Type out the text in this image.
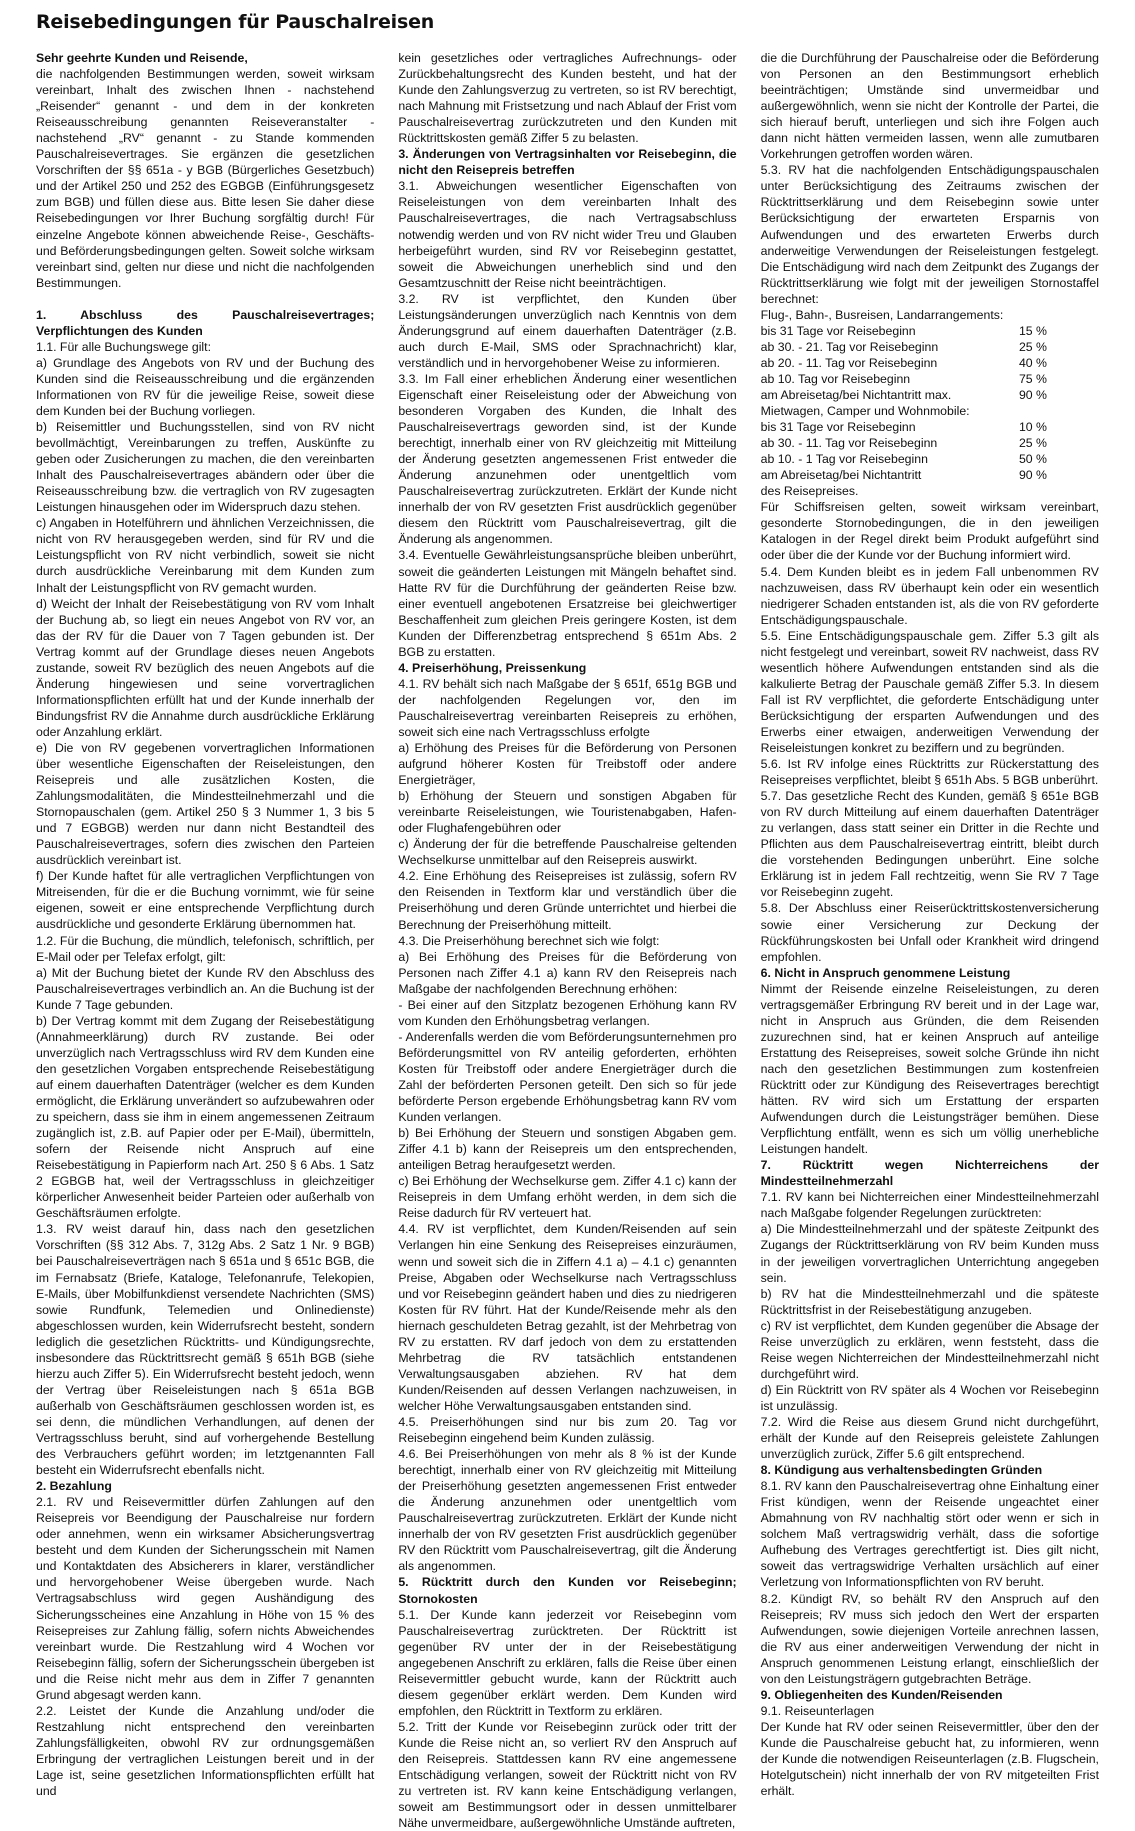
Reisebedingungen für Pauschalreisen

Sehr geehrte Kunden und Reisende,

die nachfolgenden Bestimmungen werden, soweit wirksam vereinbart, Inhalt des zwischen Ihnen - nachstehend „Reisender“ genannt - und dem in der konkreten Reiseausschreibung genannten Reiseveranstalter - nachstehend „RV“ genannt - zu Stande kommenden Pauschalreisevertrages. Sie ergänzen die gesetzlichen Vorschriften der §§ 651a - y BGB (Bürgerliches Gesetzbuch) und der Artikel 250 und 252 des EGBGB (Einführungsgesetz zum BGB) und füllen diese aus. Bitte lesen Sie daher diese Reisebedingungen vor Ihrer Buchung sorgfältig durch! Für einzelne Angebote können abweichende Reise-, Geschäfts- und Beförderungsbedingungen gelten. Soweit solche wirksam vereinbart sind, gelten nur diese und nicht die nachfolgenden Bestimmungen.

1. Abschluss des Pauschalreisevertrages; Verpflichtungen des Kunden

1.1. Für alle Buchungswege gilt:

a) Grundlage des Angebots von RV und der Buchung des Kunden sind die Reiseausschreibung und die ergänzenden Informationen von RV für die jeweilige Reise, soweit diese dem Kunden bei der Buchung vorliegen.

b) Reisemittler und Buchungsstellen, sind von RV nicht bevollmächtigt, Vereinbarungen zu treffen, Auskünfte zu geben oder Zusicherungen zu machen, die den vereinbarten Inhalt des Pauschalreisevertrages abändern oder über die Reiseausschreibung bzw. die vertraglich von RV zugesagten Leistungen hinausgehen oder im Widerspruch dazu stehen.

c) Angaben in Hotelführern und ähnlichen Verzeichnissen, die nicht von RV herausgegeben werden, sind für RV und die Leistungspflicht von RV nicht verbindlich, soweit sie nicht durch ausdrückliche Vereinbarung mit dem Kunden zum Inhalt der Leistungspflicht von RV gemacht wurden.

d) Weicht der Inhalt der Reisebestätigung von RV vom Inhalt der Buchung ab, so liegt ein neues Angebot von RV vor, an das der RV für die Dauer von 7 Tagen gebunden ist. Der Vertrag kommt auf der Grundlage dieses neuen Angebots zustande, soweit RV bezüglich des neuen Angebots auf die Änderung hingewiesen und seine vorvertraglichen Informationspflichten erfüllt hat und der Kunde innerhalb der Bindungsfrist RV die Annahme durch ausdrückliche Erklärung oder Anzahlung erklärt.

e) Die von RV gegebenen vorvertraglichen Informationen über wesentliche Eigenschaften der Reiseleistungen, den Reisepreis und alle zusätzlichen Kosten, die Zahlungsmodalitäten, die Mindestteilnehmerzahl und die Stornopauschalen (gem. Artikel 250 § 3 Nummer 1, 3 bis 5 und 7 EGBGB) werden nur dann nicht Bestandteil des Pauschalreisevertrages, sofern dies zwischen den Parteien ausdrücklich vereinbart ist.

f) Der Kunde haftet für alle vertraglichen Verpflichtungen von Mitreisenden, für die er die Buchung vornimmt, wie für seine eigenen, soweit er eine entsprechende Verpflichtung durch ausdrückliche und gesonderte Erklärung übernommen hat.

1.2. Für die Buchung, die mündlich, telefonisch, schriftlich, per E-Mail oder per Telefax erfolgt, gilt:

a) Mit der Buchung bietet der Kunde RV den Abschluss des Pauschalreisevertrages verbindlich an. An die Buchung ist der Kunde 7 Tage gebunden.

b) Der Vertrag kommt mit dem Zugang der Reisebestätigung (Annahmeerklärung) durch RV zustande. Bei oder unverzüglich nach Vertragsschluss wird RV dem Kunden eine den gesetzlichen Vorgaben entsprechende Reisebestätigung auf einem dauerhaften Datenträger (welcher es dem Kunden ermöglicht, die Erklärung unverändert so aufzubewahren oder zu speichern, dass sie ihm in einem angemessenen Zeitraum zugänglich ist, z.B. auf Papier oder per E-Mail), übermitteln, sofern der Reisende nicht Anspruch auf eine Reisebestätigung in Papierform nach Art. 250 § 6 Abs. 1 Satz 2 EGBGB hat, weil der Vertragsschluss in gleichzeitiger körperlicher Anwesenheit beider Parteien oder außerhalb von Geschäftsräumen erfolgte.

1.3. RV weist darauf hin, dass nach den gesetzlichen Vorschriften (§§ 312 Abs. 7, 312g Abs. 2 Satz 1 Nr. 9 BGB) bei Pauschalreiseverträgen nach § 651a und § 651c BGB, die im Fernabsatz (Briefe, Kataloge, Telefonanrufe, Telekopien, E-Mails, über Mobilfunkdienst versendete Nachrichten (SMS) sowie Rundfunk, Telemedien und Onlinedienste) abgeschlossen wurden, kein Widerrufsrecht besteht, sondern lediglich die gesetzlichen Rücktritts- und Kündigungsrechte, insbesondere das Rücktrittsrecht gemäß § 651h BGB (siehe hierzu auch Ziffer 5). Ein Widerrufsrecht besteht jedoch, wenn der Vertrag über Reiseleistungen nach § 651a BGB außerhalb von Geschäftsräumen geschlossen worden ist, es sei denn, die mündlichen Verhandlungen, auf denen der Vertragsschluss beruht, sind auf vorhergehende Bestellung des Verbrauchers geführt worden; im letztgenannten Fall besteht ein Widerrufsrecht ebenfalls nicht.

2. Bezahlung

2.1. RV und Reisevermittler dürfen Zahlungen auf den Reisepreis vor Beendigung der Pauschalreise nur fordern oder annehmen, wenn ein wirksamer Absicherungsvertrag besteht und dem Kunden der Sicherungsschein mit Namen und Kontaktdaten des Absicherers in klarer, verständlicher und hervorgehobener Weise übergeben wurde. Nach Vertragsabschluss wird gegen Aushändigung des Sicherungsscheines eine Anzahlung in Höhe von 15 % des Reisepreises zur Zahlung fällig, sofern nichts Abweichendes vereinbart wurde. Die Restzahlung wird 4 Wochen vor Reisebeginn fällig, sofern der Sicherungsschein übergeben ist und die Reise nicht mehr aus dem in Ziffer 7 genannten Grund abgesagt werden kann.

2.2. Leistet der Kunde die Anzahlung und/oder die Restzahlung nicht entsprechend den vereinbarten Zahlungsfälligkeiten, obwohl RV zur ordnungsgemäßen Erbringung der vertraglichen Leistungen bereit und in der Lage ist, seine gesetzlichen Informationspflichten erfüllt hat und

kein gesetzliches oder vertragliches Aufrechnungs- oder Zurückbehaltungsrecht des Kunden besteht, und hat der Kunde den Zahlungsverzug zu vertreten, so ist RV berechtigt, nach Mahnung mit Fristsetzung und nach Ablauf der Frist vom Pauschalreisevertrag zurückzutreten und den Kunden mit Rücktrittskosten gemäß Ziffer 5 zu belasten.

3. Änderungen von Vertragsinhalten vor Reisebeginn, die nicht den Reisepreis betreffen

3.1. Abweichungen wesentlicher Eigenschaften von Reiseleistungen von dem vereinbarten Inhalt des Pauschalreisevertrages, die nach Vertragsabschluss notwendig werden und von RV nicht wider Treu und Glauben herbeigeführt wurden, sind RV vor Reisebeginn gestattet, soweit die Abweichungen unerheblich sind und den Gesamtzuschnitt der Reise nicht beeinträchtigen.

3.2. RV ist verpflichtet, den Kunden über Leistungsänderungen unverzüglich nach Kenntnis von dem Änderungsgrund auf einem dauerhaften Datenträger (z.B. auch durch E-Mail, SMS oder Sprachnachricht) klar, verständlich und in hervorgehobener Weise zu informieren.

3.3. Im Fall einer erheblichen Änderung einer wesentlichen Eigenschaft einer Reiseleistung oder der Abweichung von besonderen Vorgaben des Kunden, die Inhalt des Pauschalreisevertrags geworden sind, ist der Kunde berechtigt, innerhalb einer von RV gleichzeitig mit Mitteilung der Änderung gesetzten angemessenen Frist entweder die Änderung anzunehmen oder unentgeltlich vom Pauschalreisevertrag zurückzutreten. Erklärt der Kunde nicht innerhalb der von RV gesetzten Frist ausdrücklich gegenüber diesem den Rücktritt vom Pauschalreisevertrag, gilt die Änderung als angenommen.

3.4. Eventuelle Gewährleistungsansprüche bleiben unberührt, soweit die geänderten Leistungen mit Mängeln behaftet sind. Hatte RV für die Durchführung der geänderten Reise bzw. einer eventuell angebotenen Ersatzreise bei gleichwertiger Beschaffenheit zum gleichen Preis geringere Kosten, ist dem Kunden der Differenzbetrag entsprechend § 651m Abs. 2 BGB zu erstatten.

4. Preiserhöhung, Preissenkung

4.1. RV behält sich nach Maßgabe der § 651f, 651g BGB und der nachfolgenden Regelungen vor, den im Pauschalreisevertrag vereinbarten Reisepreis zu erhöhen, soweit sich eine nach Vertragsschluss erfolgte

a) Erhöhung des Preises für die Beförderung von Personen aufgrund höherer Kosten für Treibstoff oder andere Energieträger,

b) Erhöhung der Steuern und sonstigen Abgaben für vereinbarte Reiseleistungen, wie Touristenabgaben, Hafen- oder Flughafengebühren oder

c) Änderung der für die betreffende Pauschalreise geltenden Wechselkurse unmittelbar auf den Reisepreis auswirkt.

4.2. Eine Erhöhung des Reisepreises ist zulässig, sofern RV den Reisenden in Textform klar und verständlich über die Preiserhöhung und deren Gründe unterrichtet und hierbei die Berechnung der Preiserhöhung mitteilt.

4.3. Die Preiserhöhung berechnet sich wie folgt:

a) Bei Erhöhung des Preises für die Beförderung von Personen nach Ziffer 4.1 a) kann RV den Reisepreis nach Maßgabe der nachfolgenden Berechnung erhöhen:

- Bei einer auf den Sitzplatz bezogenen Erhöhung kann RV vom Kunden den Erhöhungsbetrag verlangen.

- Anderenfalls werden die vom Beförderungsunternehmen pro Beförderungsmittel von RV anteilig geforderten, erhöhten Kosten für Treibstoff oder andere Energieträger durch die Zahl der beförderten Personen geteilt. Den sich so für jede beförderte Person ergebende Erhöhungsbetrag kann RV vom Kunden verlangen.

b) Bei Erhöhung der Steuern und sonstigen Abgaben gem. Ziffer 4.1 b) kann der Reisepreis um den entsprechenden, anteiligen Betrag heraufgesetzt werden.

c) Bei Erhöhung der Wechselkurse gem. Ziffer 4.1 c) kann der Reisepreis in dem Umfang erhöht werden, in dem sich die Reise dadurch für RV verteuert hat.

4.4. RV ist verpflichtet, dem Kunden/Reisenden auf sein Verlangen hin eine Senkung des Reisepreises einzuräumen, wenn und soweit sich die in Ziffern 4.1 a) – 4.1 c) genannten Preise, Abgaben oder Wechselkurse nach Vertragsschluss und vor Reisebeginn geändert haben und dies zu niedrigeren Kosten für RV führt. Hat der Kunde/Reisende mehr als den hiernach geschuldeten Betrag gezahlt, ist der Mehrbetrag von RV zu erstatten. RV darf jedoch von dem zu erstattenden Mehrbetrag die RV tatsächlich entstandenen Verwaltungsausgaben abziehen. RV hat dem Kunden/Reisenden auf dessen Verlangen nachzuweisen, in welcher Höhe Verwaltungsausgaben entstanden sind.

4.5. Preiserhöhungen sind nur bis zum 20. Tag vor Reisebeginn eingehend beim Kunden zulässig.

4.6. Bei Preiserhöhungen von mehr als 8 % ist der Kunde berechtigt, innerhalb einer von RV gleichzeitig mit Mitteilung der Preiserhöhung gesetzten angemessenen Frist entweder die Änderung anzunehmen oder unentgeltlich vom Pauschalreisevertrag zurückzutreten. Erklärt der Kunde nicht innerhalb der von RV gesetzten Frist ausdrücklich gegenüber RV den Rücktritt vom Pauschalreisevertrag, gilt die Änderung als angenommen.

5. Rücktritt durch den Kunden vor Reisebeginn; Stornokosten

5.1. Der Kunde kann jederzeit vor Reisebeginn vom Pauschalreisevertrag zurücktreten. Der Rücktritt ist gegenüber RV unter der in der Reisebestätigung angegebenen Anschrift zu erklären, falls die Reise über einen Reisevermittler gebucht wurde, kann der Rücktritt auch diesem gegenüber erklärt werden. Dem Kunden wird empfohlen, den Rücktritt in Textform zu erklären.

5.2. Tritt der Kunde vor Reisebeginn zurück oder tritt der Kunde die Reise nicht an, so verliert RV den Anspruch auf den Reisepreis. Stattdessen kann RV eine angemessene Entschädigung verlangen, soweit der Rücktritt nicht von RV zu vertreten ist. RV kann keine Entschädigung verlangen, soweit am Bestimmungsort oder in dessen unmittelbarer Nähe unvermeidbare, außergewöhnliche Umstände auftreten,

die die Durchführung der Pauschalreise oder die Beförderung von Personen an den Bestimmungsort erheblich beeinträchtigen; Umstände sind unvermeidbar und außergewöhnlich, wenn sie nicht der Kontrolle der Partei, die sich hierauf beruft, unterliegen und sich ihre Folgen auch dann nicht hätten vermeiden lassen, wenn alle zumutbaren Vorkehrungen getroffen worden wären.

5.3. RV hat die nachfolgenden Entschädigungspauschalen unter Berücksichtigung des Zeitraums zwischen der Rücktrittserklärung und dem Reisebeginn sowie unter Berücksichtigung der erwarteten Ersparnis von Aufwendungen und des erwarteten Erwerbs durch anderweitige Verwendungen der Reiseleistungen festgelegt. Die Entschädigung wird nach dem Zeitpunkt des Zugangs der Rücktrittserklärung wie folgt mit der jeweiligen Stornostaffel berechnet:

Flug-, Bahn-, Busreisen, Landarrangements:

bis 31 Tage vor Reisebeginn	15 %
ab 30. - 21. Tag vor Reisebeginn	25 %
ab 20. - 11. Tag vor Reisebeginn	40 %
ab 10. Tag vor Reisebeginn	75 %
am Abreisetag/bei Nichtantritt max.	90 %

Mietwagen, Camper und Wohnmobile:

bis 31 Tage vor Reisebeginn	10 %
ab 30. - 11. Tag vor Reisebeginn	25 %
ab 10. - 1 Tag vor Reisebeginn	50 %
am Abreisetag/bei Nichtantritt	90 %

des Reisepreises.

Für Schiffsreisen gelten, soweit wirksam vereinbart, gesonderte Stornobedingungen, die in den jeweiligen Katalogen in der Regel direkt beim Produkt aufgeführt sind oder über die der Kunde vor der Buchung informiert wird.

5.4. Dem Kunden bleibt es in jedem Fall unbenommen RV nachzuweisen, dass RV überhaupt kein oder ein wesentlich niedrigerer Schaden entstanden ist, als die von RV geforderte Entschädigungspauschale.

5.5. Eine Entschädigungspauschale gem. Ziffer 5.3 gilt als nicht festgelegt und vereinbart, soweit RV nachweist, dass RV wesentlich höhere Aufwendungen entstanden sind als die kalkulierte Betrag der Pauschale gemäß Ziffer 5.3. In diesem Fall ist RV verpflichtet, die geforderte Entschädigung unter Berücksichtigung der ersparten Aufwendungen und des Erwerbs einer etwaigen, anderweitigen Verwendung der Reiseleistungen konkret zu beziffern und zu begründen.

5.6. Ist RV infolge eines Rücktritts zur Rückerstattung des Reisepreises verpflichtet, bleibt § 651h Abs. 5 BGB unberührt.

5.7. Das gesetzliche Recht des Kunden, gemäß § 651e BGB von RV durch Mitteilung auf einem dauerhaften Datenträger zu verlangen, dass statt seiner ein Dritter in die Rechte und Pflichten aus dem Pauschalreisevertrag eintritt, bleibt durch die vorstehenden Bedingungen unberührt. Eine solche Erklärung ist in jedem Fall rechtzeitig, wenn Sie RV 7 Tage vor Reisebeginn zugeht.

5.8. Der Abschluss einer Reiserücktrittskostenversicherung sowie einer Versicherung zur Deckung der Rückführungskosten bei Unfall oder Krankheit wird dringend empfohlen.

6. Nicht in Anspruch genommene Leistung

Nimmt der Reisende einzelne Reiseleistungen, zu deren vertragsgemäßer Erbringung RV bereit und in der Lage war, nicht in Anspruch aus Gründen, die dem Reisenden zuzurechnen sind, hat er keinen Anspruch auf anteilige Erstattung des Reisepreises, soweit solche Gründe ihn nicht nach den gesetzlichen Bestimmungen zum kostenfreien Rücktritt oder zur Kündigung des Reisevertrages berechtigt hätten. RV wird sich um Erstattung der ersparten Aufwendungen durch die Leistungsträger bemühen. Diese Verpflichtung entfällt, wenn es sich um völlig unerhebliche Leistungen handelt.

7. Rücktritt wegen Nichterreichens der Mindestteilnehmerzahl

7.1. RV kann bei Nichterreichen einer Mindestteilnehmerzahl nach Maßgabe folgender Regelungen zurücktreten:

a) Die Mindestteilnehmerzahl und der späteste Zeitpunkt des Zugangs der Rücktrittserklärung von RV beim Kunden muss in der jeweiligen vorvertraglichen Unterrichtung angegeben sein.

b) RV hat die Mindestteilnehmerzahl und die späteste Rücktrittsfrist in der Reisebestätigung anzugeben.

c) RV ist verpflichtet, dem Kunden gegenüber die Absage der Reise unverzüglich zu erklären, wenn feststeht, dass die Reise wegen Nichterreichen der Mindestteilnehmerzahl nicht durchgeführt wird.

d) Ein Rücktritt von RV später als 4 Wochen vor Reisebeginn ist unzulässig.

7.2. Wird die Reise aus diesem Grund nicht durchgeführt, erhält der Kunde auf den Reisepreis geleistete Zahlungen unverzüglich zurück, Ziffer 5.6 gilt entsprechend.

8. Kündigung aus verhaltensbedingten Gründen

8.1. RV kann den Pauschalreisevertrag ohne Einhaltung einer Frist kündigen, wenn der Reisende ungeachtet einer Abmahnung von RV nachhaltig stört oder wenn er sich in solchem Maß vertragswidrig verhält, dass die sofortige Aufhebung des Vertrages gerechtfertigt ist. Dies gilt nicht, soweit das vertragswidrige Verhalten ursächlich auf einer Verletzung von Informationspflichten von RV beruht.

8.2. Kündigt RV, so behält RV den Anspruch auf den Reisepreis; RV muss sich jedoch den Wert der ersparten Aufwendungen, sowie diejenigen Vorteile anrechnen lassen, die RV aus einer anderweitigen Verwendung der nicht in Anspruch genommenen Leistung erlangt, einschließlich der von den Leistungsträgern gutgebrachten Beträge.

9. Obliegenheiten des Kunden/Reisenden

9.1. Reiseunterlagen

Der Kunde hat RV oder seinen Reisevermittler, über den der Kunde die Pauschalreise gebucht hat, zu informieren, wenn der Kunde die notwendigen Reiseunterlagen (z.B. Flugschein, Hotelgutschein) nicht innerhalb der von RV mitgeteilten Frist erhält.
